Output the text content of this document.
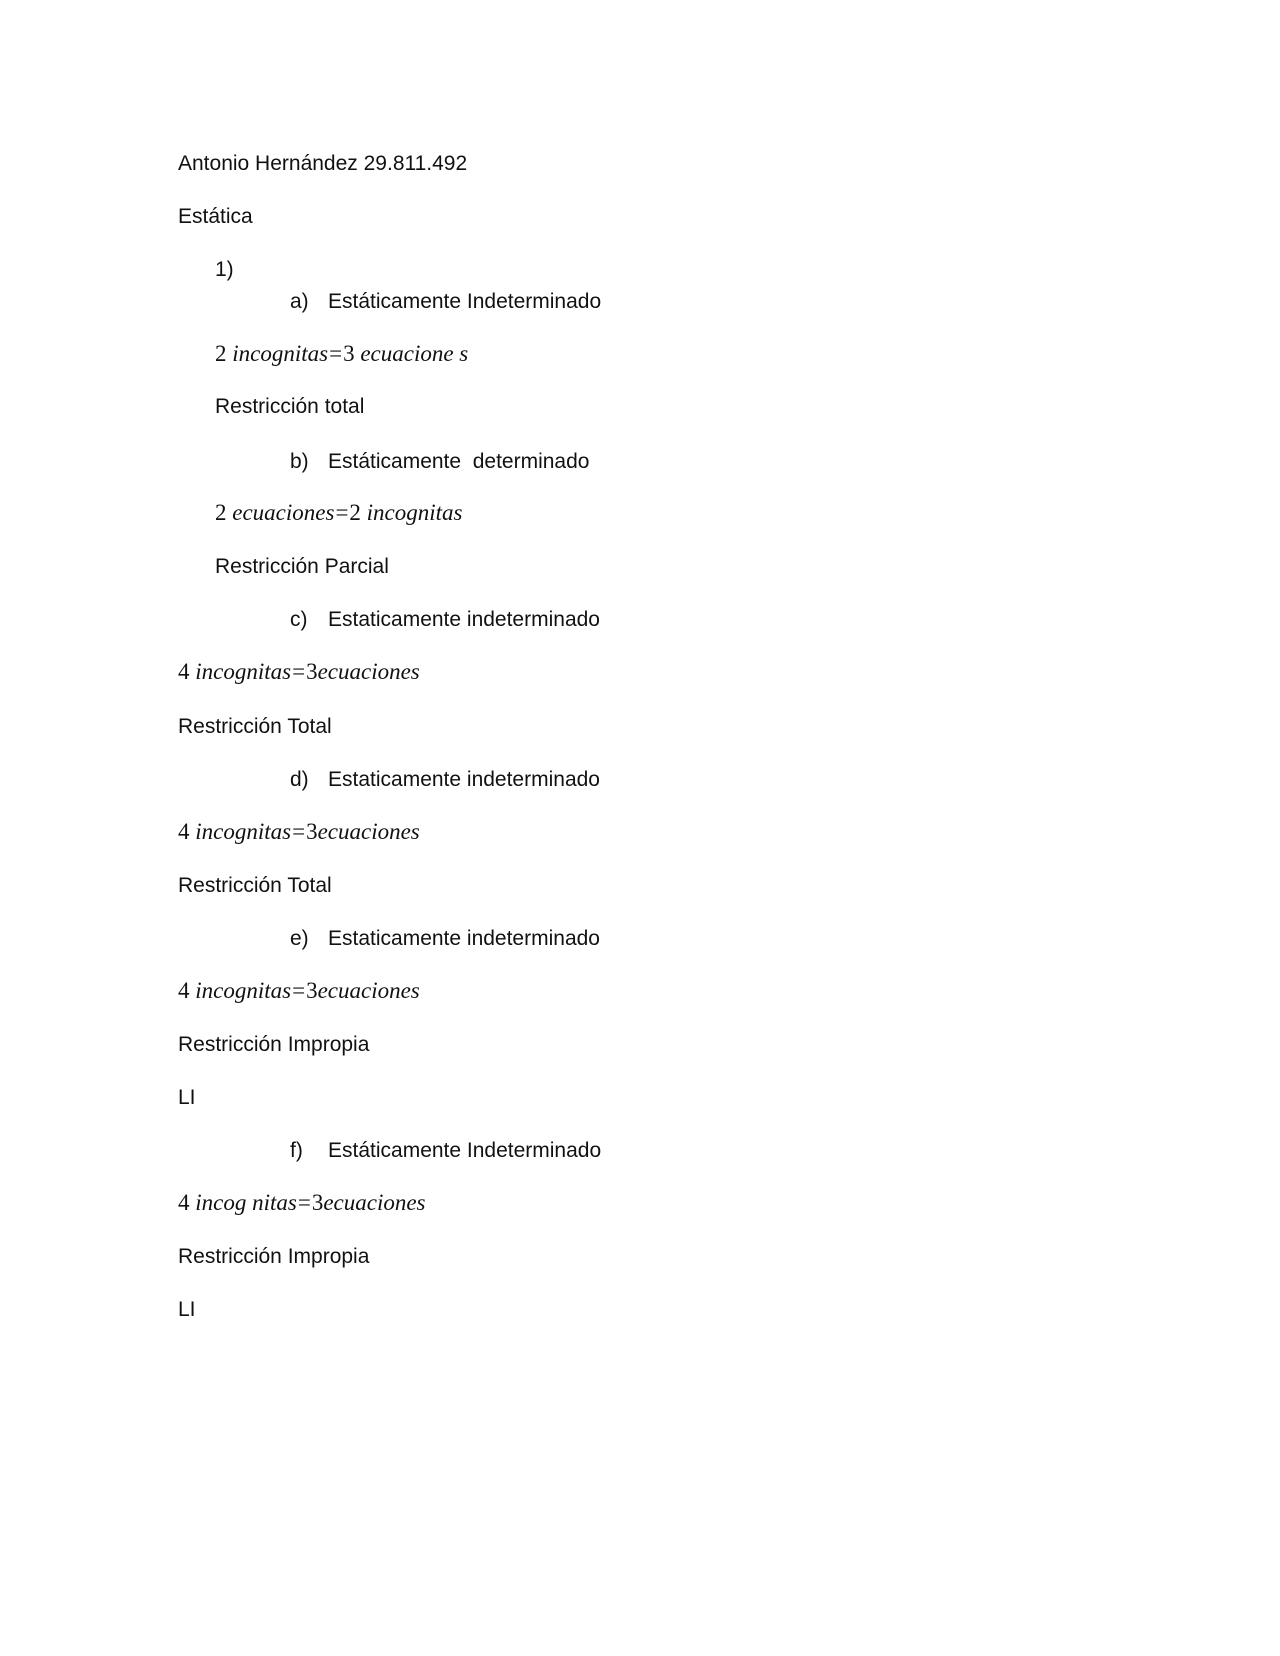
Antonio Hernández 29.811.492
Estática
1)
a) Estáticamente Indeterminado
2 incognitas=3 ecuacione s
Restricción total
b) Estáticamente  determinado
2 ecuaciones=2 incognitas
Restricción Parcial
c) Estaticamente indeterminado
4 incognitas=3ecuaciones
Restricción Total
d) Estaticamente indeterminado
4 incognitas=3ecuaciones
Restricción Total
e) Estaticamente indeterminado
4 incognitas=3ecuaciones
Restricción Impropia
LI
f) Estáticamente Indeterminado
4 incog nitas=3ecuaciones
Restricción Impropia
LI
